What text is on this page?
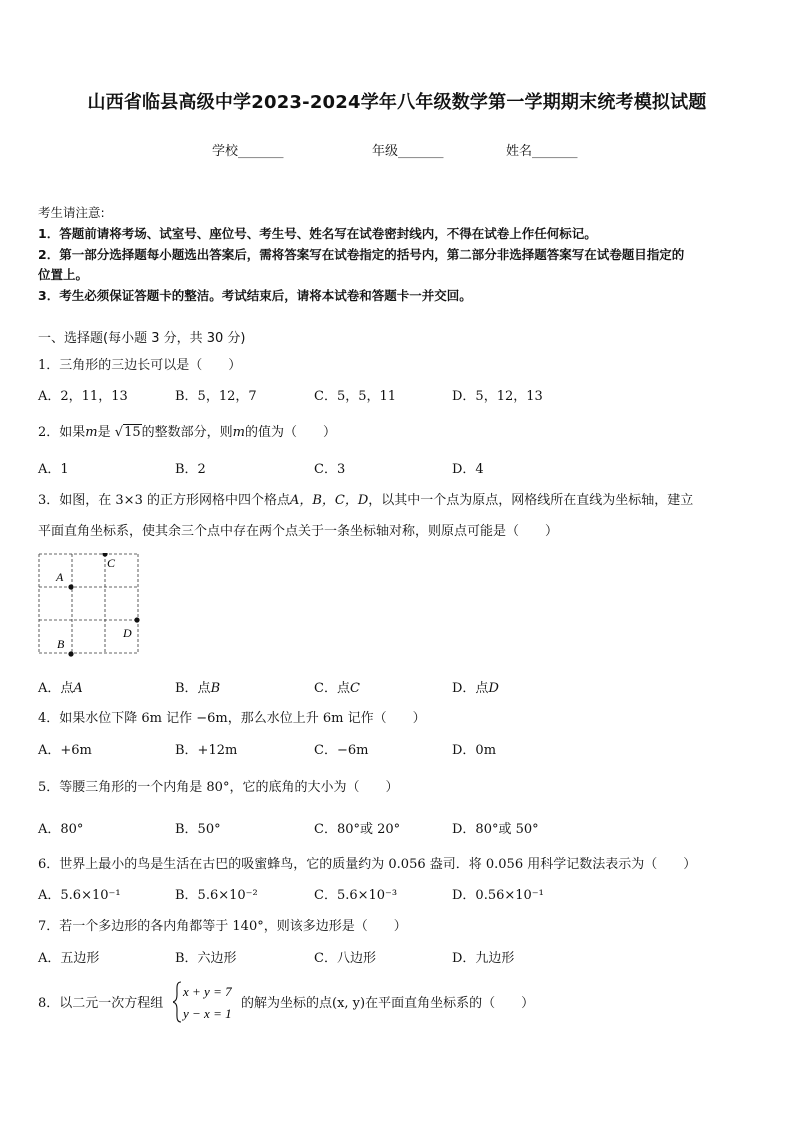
山西省临县高级中学2023-2024学年八年级数学第一学期期末统考模拟试题
学校_______	年级_______	姓名_______
考生请注意:
1．答题前请将考场、试室号、座位号、考生号、姓名写在试卷密封线内，不得在试卷上作任何标记。
2．第一部分选择题每小题选出答案后，需将答案写在试卷指定的括号内，第二部分非选择题答案写在试卷题目指定的
位置上。
3．考生必须保证答题卡的整洁。考试结束后，请将本试卷和答题卡一并交回。
一、选择题(每小题 3 分，共 30 分)
1．三角形的三边长可以是（　　）
A．2，11，13	B．5，12，7	C．5，5，11	D．5，12，13
2．如果m是 √15的整数部分，则m的值为（　　）
A．1	B．2	C．3	D．4
3．如图，在 3×3 的正方形网格中四个格点A，B，C，D，以其中一个点为原点，网格线所在直线为坐标轴，建立
平面直角坐标系，使其余三个点中存在两个点关于一条坐标轴对称，则原点可能是（　　）
A
C
D
B
A．点A	B．点B	C．点C	D．点D
4．如果水位下降 6m 记作 −6m，那么水位上升 6m 记作（　　）
A．+6m	B．+12m	C．−6m	D．0m
5．等腰三角形的一个内角是 80°，它的底角的大小为（　　）
A．80°	B．50°	C．80°或 20°	D．80°或 50°
6．世界上最小的鸟是生活在古巴的吸蜜蜂鸟，它的质量约为 0.056 盎司．将 0.056 用科学记数法表示为（　　）
A．5.6×10⁻¹	B．5.6×10⁻²	C．5.6×10⁻³	D．0.56×10⁻¹
7．若一个多边形的各内角都等于 140°，则该多边形是（　　）
A．五边形	B．六边形	C．八边形	D．九边形
8．以二元一次方程组
x + y = 7
y − x = 1
的解为坐标的点(x, y)在平面直角坐标系的（　　）
